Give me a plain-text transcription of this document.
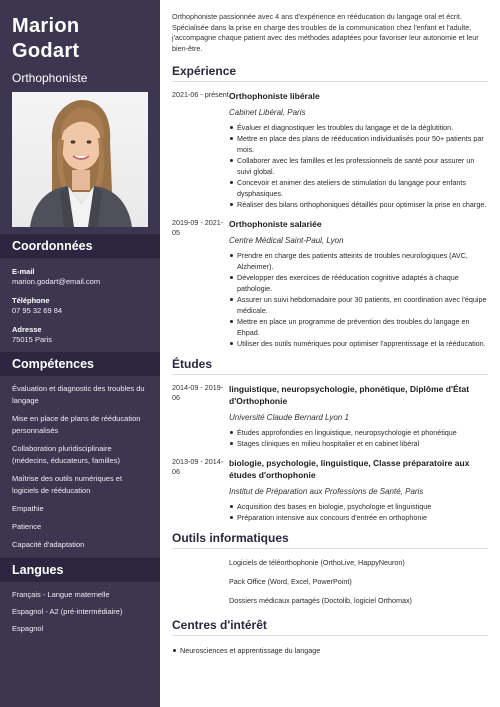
Marion
Godart
Orthophoniste
Coordonnées
E-mail
marion.godart@email.com
Téléphone
07 95 32 69 84
Adresse
75015 Paris
Compétences
Évaluation et diagnostic des troubles du langage
Mise en place de plans de rééducation personnalisés
Collaboration pluridisciplinaire (médecins, éducateurs, familles)
Maîtrise des outils numériques et logiciels de rééducation
Empathie
Patience
Capacité d'adaptation
Langues
Français - Langue maternelle
Espagnol - A2 (pré-intermédiaire)
Espagnol

Orthophoniste passionnée avec 4 ans d'expérience en rééducation du langage oral et écrit. Spécialisée dans la prise en charge des troubles de la communication chez l'enfant et l'adulte, j'accompagne chaque patient avec des méthodes adaptées pour favoriser leur autonomie et leur bien-être.

Expérience
2021-06 - présent Orthophoniste libérale
Cabinet Libéral, Paris
Évaluer et diagnostiquer les troubles du langage et de la déglutition.
Mettre en place des plans de rééducation individualisés pour 50+ patients par mois.
Collaborer avec les familles et les professionnels de santé pour assurer un suivi global.
Concevoir et animer des ateliers de stimulation du langage pour enfants dysphasiques.
Réaliser des bilans orthophoniques détaillés pour optimiser la prise en charge.
2019-09 - 2021-05
Orthophoniste salariée
Centre Médical Saint-Paul, Lyon
Prendre en charge des patients atteints de troubles neurologiques (AVC, Alzheimer).
Développer des exercices de rééducation cognitive adaptés à chaque pathologie.
Assurer un suivi hebdomadaire pour 30 patients, en coordination avec l'équipe médicale.
Mettre en place un programme de prévention des troubles du langage en Ehpad.
Utiliser des outils numériques pour optimiser l'apprentissage et la rééducation.
Études
2014-09 - 2019-06
linguistique, neuropsychologie, phonétique, Diplôme d'État d'Orthophonie
Université Claude Bernard Lyon 1
Études approfondies en linguistique, neuropsychologie et phonétique
Stages cliniques en milieu hospitalier et en cabinet libéral
2013-09 - 2014-06
biologie, psychologie, linguistique, Classe préparatoire aux études d'orthophonie
Institut de Préparation aux Professions de Santé, Paris
Acquisition des bases en biologie, psychologie et linguistique
Préparation intensive aux concours d'entrée en orthophonie
Outils informatiques
Logiciels de téléorthophonie (OrthoLive, HappyNeuron)
Pack Office (Word, Excel, PowerPoint)
Dossiers médicaux partagés (Doctolib, logiciel Orthomax)
Centres d'intérêt
Neurosciences et apprentissage du langage
